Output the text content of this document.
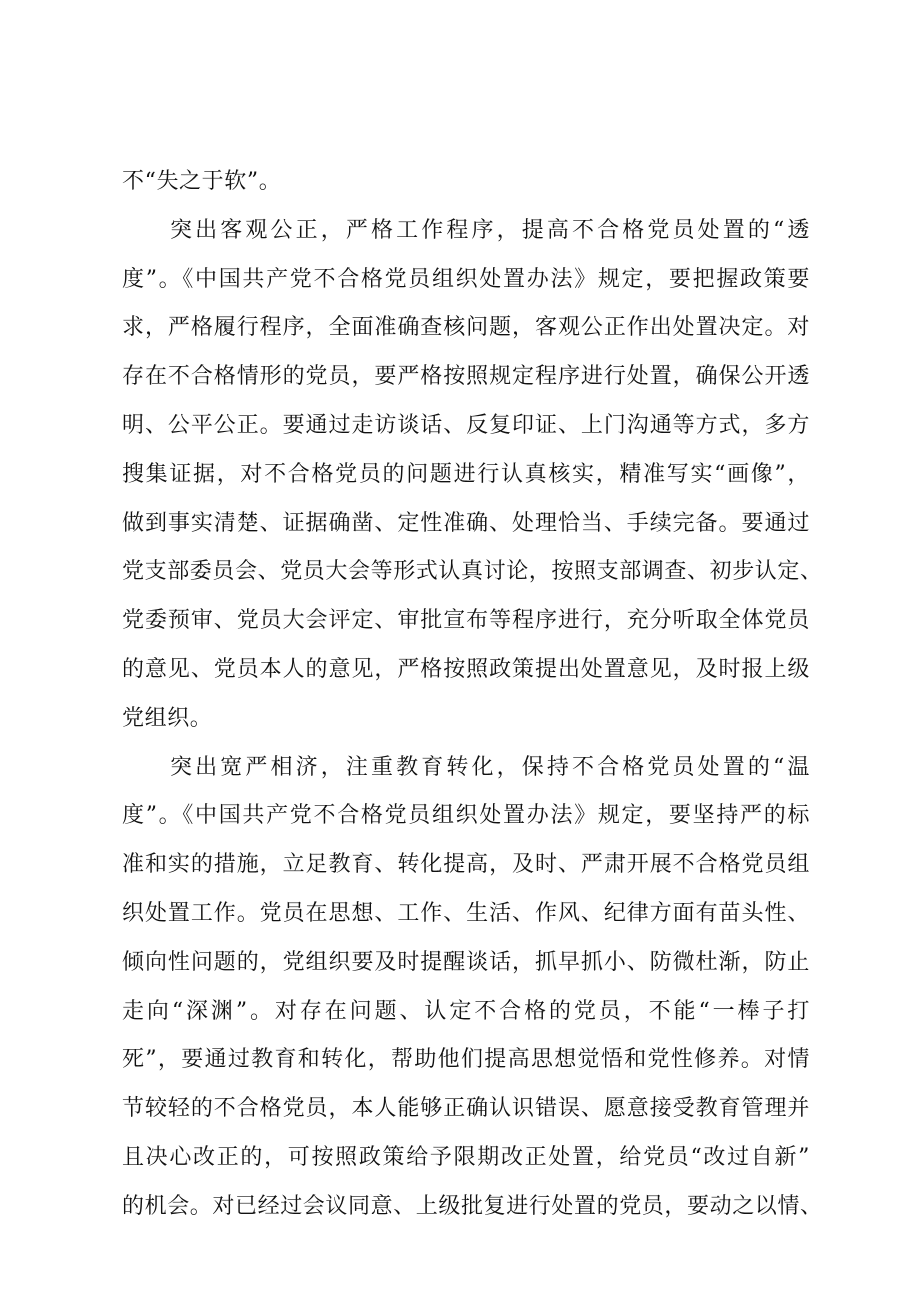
不“失之于软”。
突出客观公正，严格工作程序，提高不合格党员处置的“透
度”。《中国共产党不合格党员组织处置办法》规定，要把握政策要
求，严格履行程序，全面准确查核问题，客观公正作出处置决定。对
存在不合格情形的党员，要严格按照规定程序进行处置，确保公开透
明、公平公正。要通过走访谈话、反复印证、上门沟通等方式，多方
搜集证据，对不合格党员的问题进行认真核实，精准写实“画像”，
做到事实清楚、证据确凿、定性准确、处理恰当、手续完备。要通过
党支部委员会、党员大会等形式认真讨论，按照支部调查、初步认定、
党委预审、党员大会评定、审批宣布等程序进行，充分听取全体党员
的意见、党员本人的意见，严格按照政策提出处置意见，及时报上级
党组织。
突出宽严相济，注重教育转化，保持不合格党员处置的“温
度”。《中国共产党不合格党员组织处置办法》规定，要坚持严的标
准和实的措施，立足教育、转化提高，及时、严肃开展不合格党员组
织处置工作。党员在思想、工作、生活、作风、纪律方面有苗头性、
倾向性问题的，党组织要及时提醒谈话，抓早抓小、防微杜渐，防止
走向“深渊”。对存在问题、认定不合格的党员，不能“一棒子打
死”，要通过教育和转化，帮助他们提高思想觉悟和党性修养。对情
节较轻的不合格党员，本人能够正确认识错误、愿意接受教育管理并
且决心改正的，可按照政策给予限期改正处置，给党员“改过自新”
的机会。对已经过会议同意、上级批复进行处置的党员，要动之以情、
